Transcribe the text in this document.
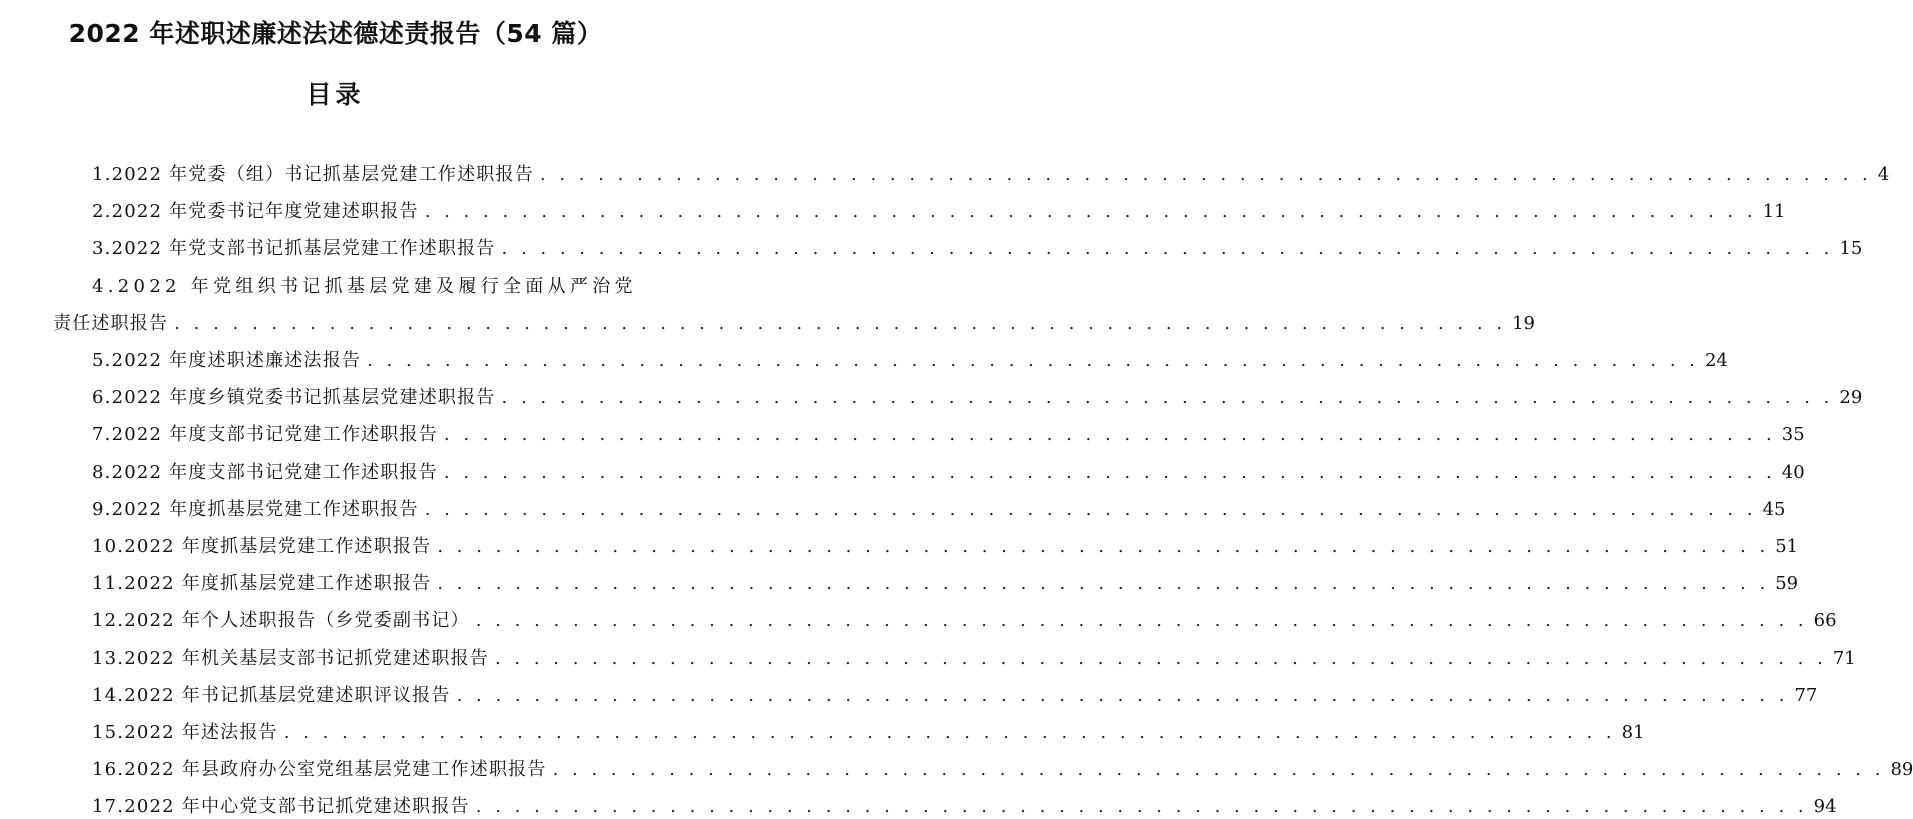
2022 年述职述廉述法述德述责报告（54 篇）
目录
1.2022 年党委（组）书记抓基层党建工作述职报告 . . . . . . . . . . . . . . . . . . . . . . . . . . . . . . . . . . . . . . . . . . . . . . . . . . . . . . . . . . . . . . . . . . . . . 4
2.2022 年党委书记年度党建述职报告 . . . . . . . . . . . . . . . . . . . . . . . . . . . . . . . . . . . . . . . . . . . . . . . . . . . . . . . . . . . . . . . . . . . . . 11
3.2022 年党支部书记抓基层党建工作述职报告 . . . . . . . . . . . . . . . . . . . . . . . . . . . . . . . . . . . . . . . . . . . . . . . . . . . . . . . . . . . . . . . . . . . . . 15
4.2022 年党组织书记抓基层党建及履行全面从严治党
责任述职报告 . . . . . . . . . . . . . . . . . . . . . . . . . . . . . . . . . . . . . . . . . . . . . . . . . . . . . . . . . . . . . . . . . . . . . 19
5.2022 年度述职述廉述法报告 . . . . . . . . . . . . . . . . . . . . . . . . . . . . . . . . . . . . . . . . . . . . . . . . . . . . . . . . . . . . . . . . . . . . . 24
6.2022 年度乡镇党委书记抓基层党建述职报告 . . . . . . . . . . . . . . . . . . . . . . . . . . . . . . . . . . . . . . . . . . . . . . . . . . . . . . . . . . . . . . . . . . . . . 29
7.2022 年度支部书记党建工作述职报告 . . . . . . . . . . . . . . . . . . . . . . . . . . . . . . . . . . . . . . . . . . . . . . . . . . . . . . . . . . . . . . . . . . . . . 35
8.2022 年度支部书记党建工作述职报告 . . . . . . . . . . . . . . . . . . . . . . . . . . . . . . . . . . . . . . . . . . . . . . . . . . . . . . . . . . . . . . . . . . . . . 40
9.2022 年度抓基层党建工作述职报告 . . . . . . . . . . . . . . . . . . . . . . . . . . . . . . . . . . . . . . . . . . . . . . . . . . . . . . . . . . . . . . . . . . . . . 45
10.2022 年度抓基层党建工作述职报告 . . . . . . . . . . . . . . . . . . . . . . . . . . . . . . . . . . . . . . . . . . . . . . . . . . . . . . . . . . . . . . . . . . . . . 51
11.2022 年度抓基层党建工作述职报告 . . . . . . . . . . . . . . . . . . . . . . . . . . . . . . . . . . . . . . . . . . . . . . . . . . . . . . . . . . . . . . . . . . . . . 59
12.2022 年个人述职报告（乡党委副书记） . . . . . . . . . . . . . . . . . . . . . . . . . . . . . . . . . . . . . . . . . . . . . . . . . . . . . . . . . . . . . . . . . . . . . 66
13.2022 年机关基层支部书记抓党建述职报告 . . . . . . . . . . . . . . . . . . . . . . . . . . . . . . . . . . . . . . . . . . . . . . . . . . . . . . . . . . . . . . . . . . . . . 71
14.2022 年书记抓基层党建述职评议报告 . . . . . . . . . . . . . . . . . . . . . . . . . . . . . . . . . . . . . . . . . . . . . . . . . . . . . . . . . . . . . . . . . . . . . 77
15.2022 年述法报告 . . . . . . . . . . . . . . . . . . . . . . . . . . . . . . . . . . . . . . . . . . . . . . . . . . . . . . . . . . . . . . . . . . . . . 81
16.2022 年县政府办公室党组基层党建工作述职报告 . . . . . . . . . . . . . . . . . . . . . . . . . . . . . . . . . . . . . . . . . . . . . . . . . . . . . . . . . . . . . . . . . . . . . 89
17.2022 年中心党支部书记抓党建述职报告 . . . . . . . . . . . . . . . . . . . . . . . . . . . . . . . . . . . . . . . . . . . . . . . . . . . . . . . . . . . . . . . . . . . . . 94
